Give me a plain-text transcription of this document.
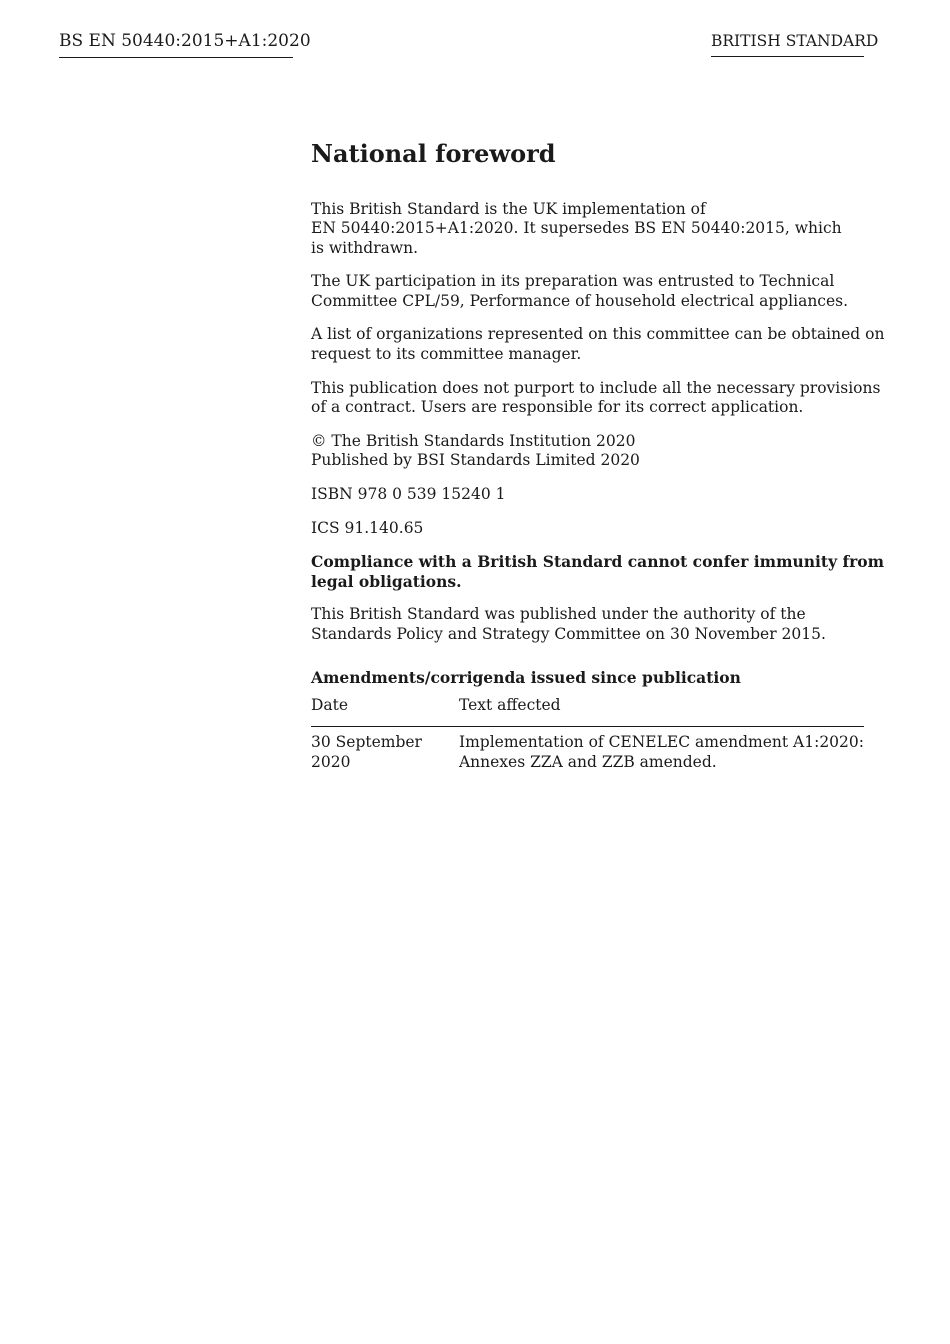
BS EN 50440:2015+A1:2020	BRITISH STANDARD
National foreword

This British Standard is the UK implementation of
EN 50440:2015+A1:2020. It supersedes BS EN 50440:2015, which
is withdrawn.

The UK participation in its preparation was entrusted to Technical
Committee CPL/59, Performance of household electrical appliances.

A list of organizations represented on this committee can be obtained on
request to its committee manager.

This publication does not purport to include all the necessary provisions
of a contract. Users are responsible for its correct application.

© The British Standards Institution 2020
Published by BSI Standards Limited 2020

ISBN 978 0 539 15240 1

ICS 91.140.65

Compliance with a British Standard cannot confer immunity from
legal obligations.

This British Standard was published under the authority of the
Standards Policy and Strategy Committee on 30 November 2015.

Amendments/corrigenda issued since publication
Date	Text affected
30 September 2020	Implementation of CENELEC amendment A1:2020:
Annexes ZZA and ZZB amended.
